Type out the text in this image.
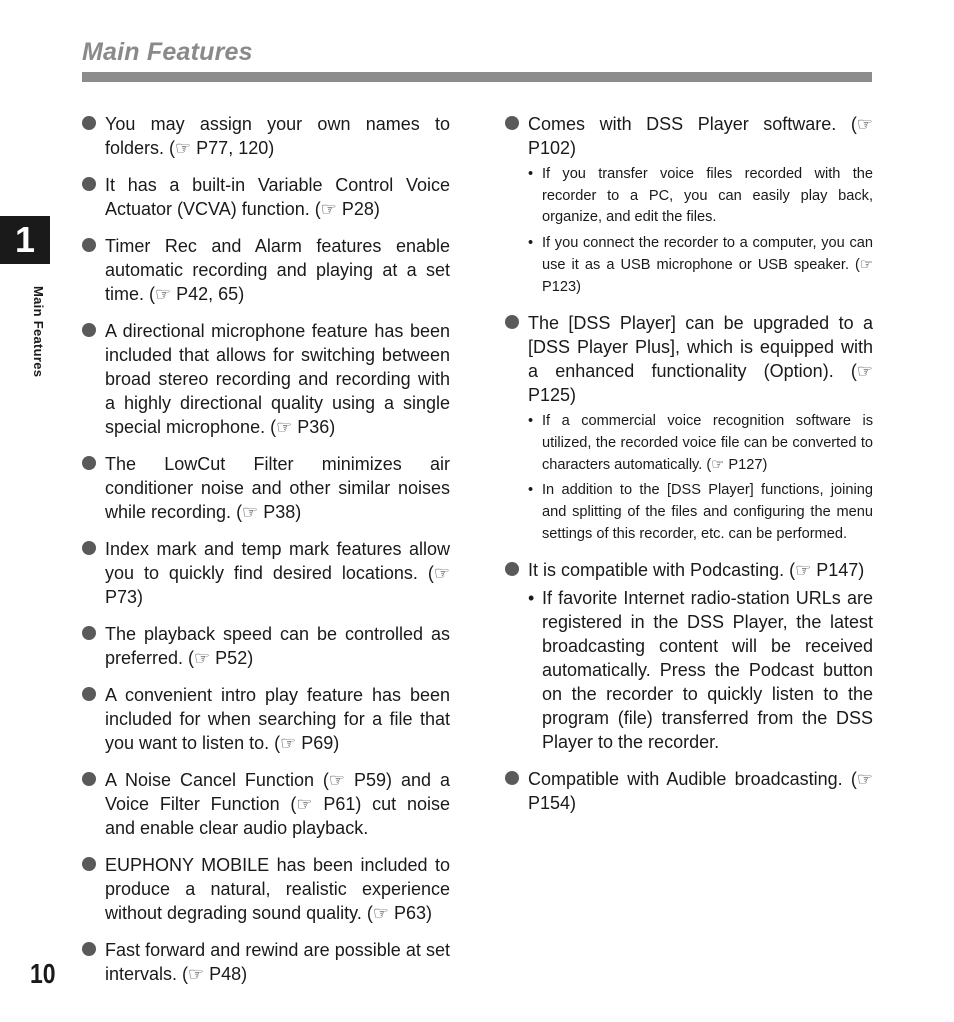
Main Features
1
Main Features
You may assign your own names to folders. (☞ P77, 120)
It has a built-in Variable Control Voice Actuator (VCVA) function. (☞ P28)
Timer Rec and Alarm features enable automatic recording and playing at a set time. (☞ P42, 65)
A directional microphone feature has been included that allows for switching between broad stereo recording and recording with a highly directional quality using a single special microphone. (☞ P36)
The LowCut Filter minimizes air conditioner noise and other similar noises while recording. (☞ P38)
Index mark and temp mark features allow you to quickly find desired locations. (☞ P73)
The playback speed can be controlled as preferred. (☞ P52)
A convenient intro play feature has been included for when searching for a file that you want to listen to. (☞ P69)
A Noise Cancel Function (☞ P59) and a Voice Filter Function (☞ P61) cut noise and enable clear audio playback.
EUPHONY MOBILE has been included to produce a natural, realistic experience without degrading sound quality. (☞ P63)
Fast forward and rewind are possible at set intervals. (☞ P48)
Comes with DSS Player software. (☞ P102)
• If you transfer voice files recorded with the recorder to a PC, you can easily play back, organize, and edit the files.
• If you connect the recorder to a computer, you can use it as a USB microphone or USB speaker. (☞ P123)
The [DSS Player] can be upgraded to a [DSS Player Plus], which is equipped with a enhanced functionality (Option). (☞ P125)
• If a commercial voice recognition software is utilized, the recorded voice file can be converted to characters automatically. (☞ P127)
• In addition to the [DSS Player] functions, joining and splitting of the files and configuring the menu settings of this recorder, etc. can be performed.
It is compatible with Podcasting. (☞ P147)
• If favorite Internet radio-station URLs are registered in the DSS Player, the latest broadcasting content will be received automatically. Press the Podcast button on the recorder to quickly listen to the program (file) transferred from the DSS Player to the recorder.
Compatible with Audible broadcasting. (☞ P154)
10
